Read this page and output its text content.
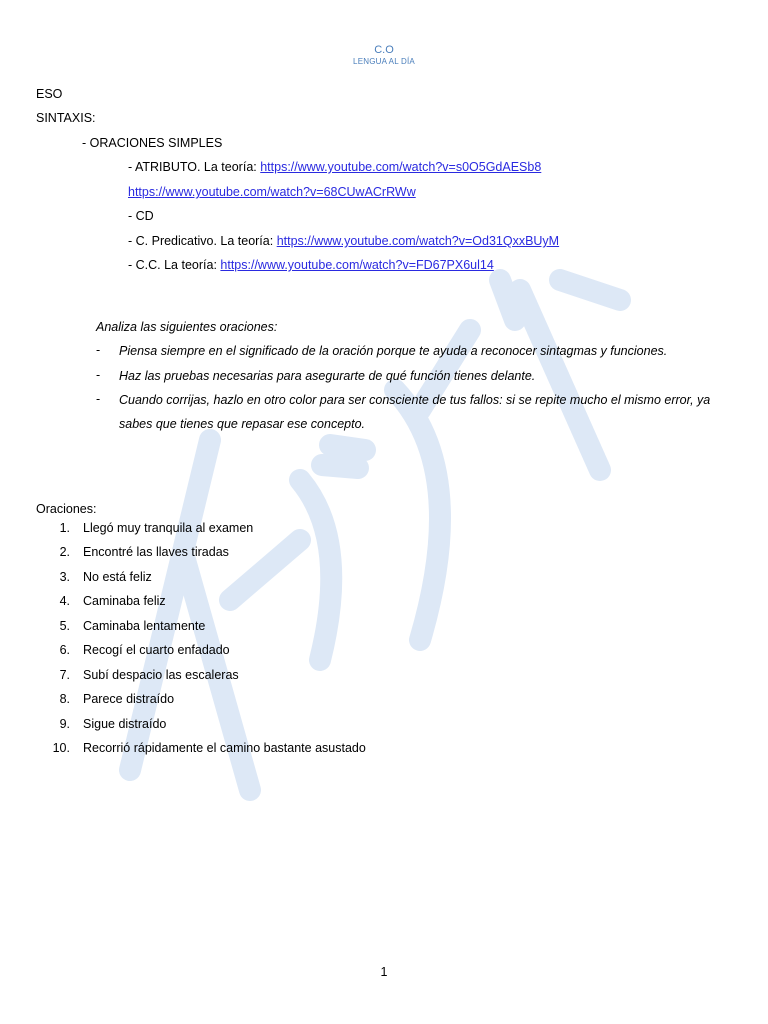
C.O
LENGUA AL DÍA
ESO
SINTAXIS:
- ORACIONES SIMPLES
- ATRIBUTO. La teoría: https://www.youtube.com/watch?v=s0O5GdAESb8
https://www.youtube.com/watch?v=68CUwACrRWw
- CD
- C. Predicativo. La teoría: https://www.youtube.com/watch?v=Od31QxxBUyM
- C.C. La teoría: https://www.youtube.com/watch?v=FD67PX6ul14
Analiza las siguientes oraciones:
- Piensa siempre en el significado de la oración porque te ayuda a reconocer sintagmas y funciones.
- Haz las pruebas necesarias para asegurarte de qué función tienes delante.
- Cuando corrijas, hazlo en otro color para ser consciente de tus fallos: si se repite mucho el mismo error, ya
sabes que tienes que repasar ese concepto.
Oraciones:
1. Llegó muy tranquila al examen
2. Encontré las llaves tiradas
3. No está feliz
4. Caminaba feliz
5. Caminaba lentamente
6. Recogí el cuarto enfadado
7. Subí despacio las escaleras
8. Parece distraído
9. Sigue distraído
10. Recorrió rápidamente el camino bastante asustado
1
